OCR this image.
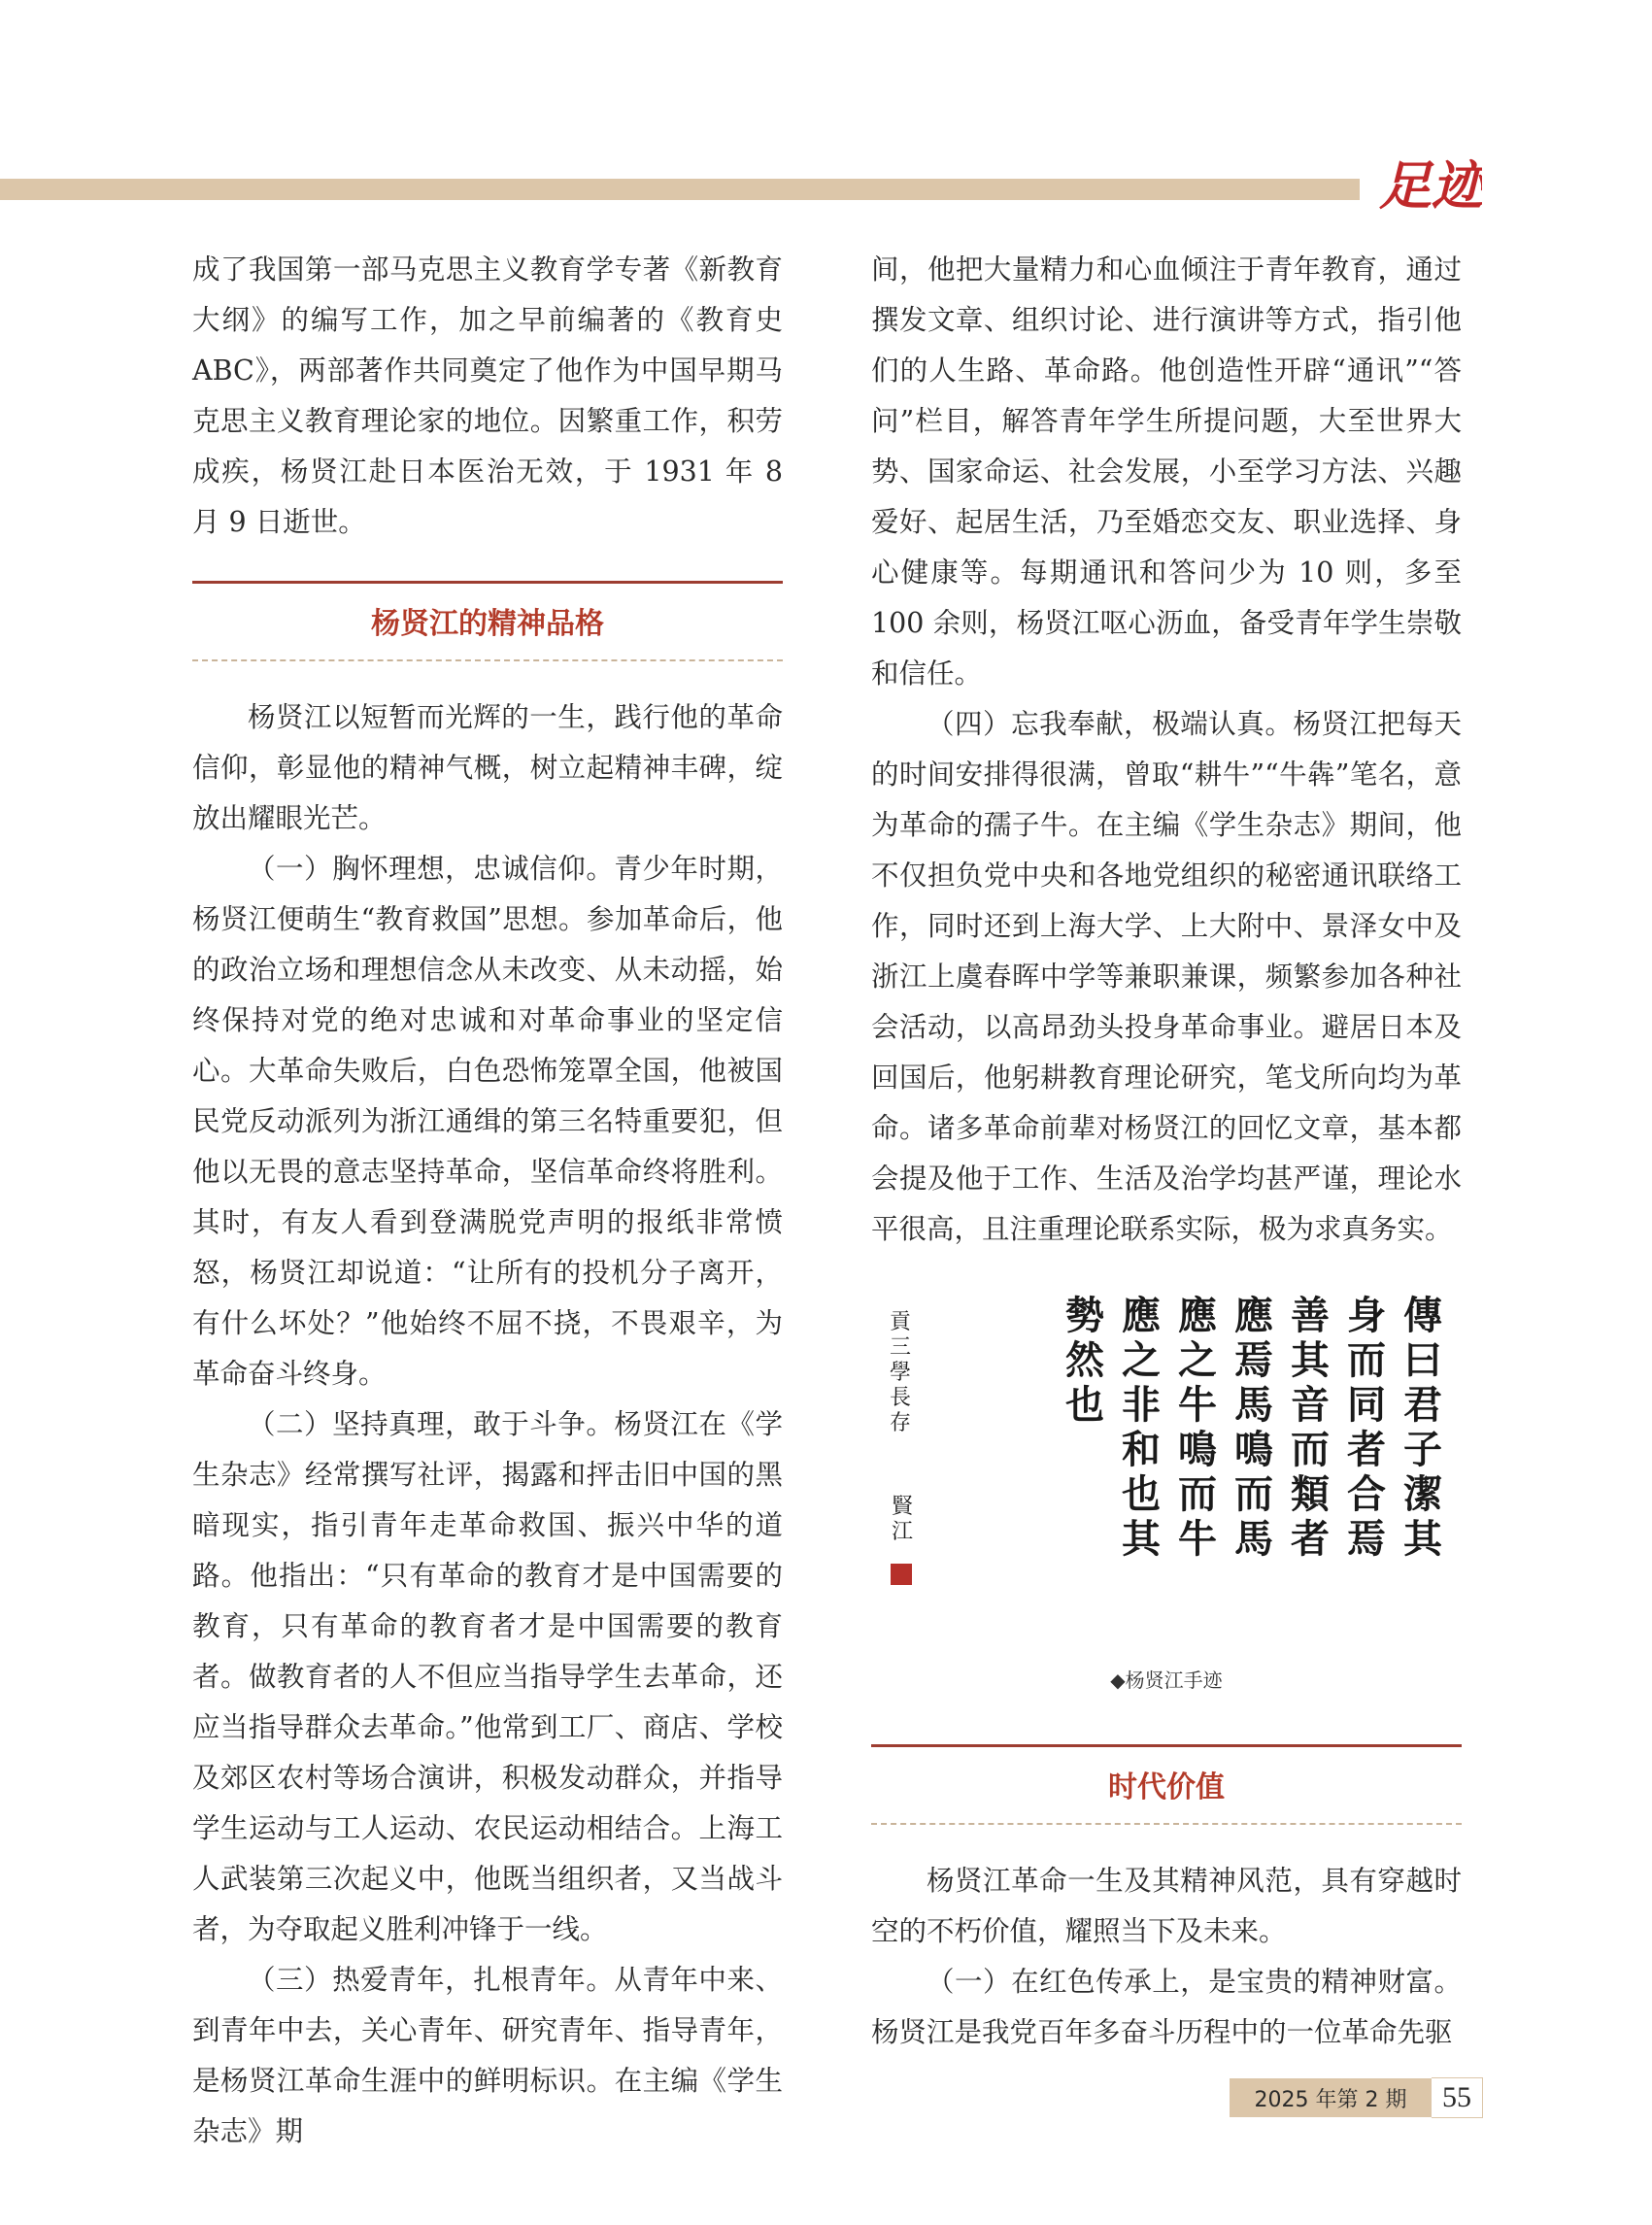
足迹

成了我国第一部马克思主义教育学专著《新教育大纲》的编写工作，加之早前编著的《教育史ABC》，两部著作共同奠定了他作为中国早期马克思主义教育理论家的地位。因繁重工作，积劳成疾，杨贤江赴日本医治无效，于 1931 年 8 月 9 日逝世。

杨贤江的精神品格

杨贤江以短暂而光辉的一生，践行他的革命信仰，彰显他的精神气概，树立起精神丰碑，绽放出耀眼光芒。

（一）胸怀理想，忠诚信仰。青少年时期，杨贤江便萌生“教育救国”思想。参加革命后，他的政治立场和理想信念从未改变、从未动摇，始终保持对党的绝对忠诚和对革命事业的坚定信心。大革命失败后，白色恐怖笼罩全国，他被国民党反动派列为浙江通缉的第三名特重要犯，但他以无畏的意志坚持革命，坚信革命终将胜利。其时，有友人看到登满脱党声明的报纸非常愤怒，杨贤江却说道：“让所有的投机分子离开，有什么坏处？”他始终不屈不挠，不畏艰辛，为革命奋斗终身。

（二）坚持真理，敢于斗争。杨贤江在《学生杂志》经常撰写社评，揭露和抨击旧中国的黑暗现实，指引青年走革命救国、振兴中华的道路。他指出：“只有革命的教育才是中国需要的教育，只有革命的教育者才是中国需要的教育者。做教育者的人不但应当指导学生去革命，还应当指导群众去革命。”他常到工厂、商店、学校及郊区农村等场合演讲，积极发动群众，并指导学生运动与工人运动、农民运动相结合。上海工人武装第三次起义中，他既当组织者，又当战斗者，为夺取起义胜利冲锋于一线。

（三）热爱青年，扎根青年。从青年中来、到青年中去，关心青年、研究青年、指导青年，是杨贤江革命生涯中的鲜明标识。在主编《学生杂志》期

间，他把大量精力和心血倾注于青年教育，通过撰发文章、组织讨论、进行演讲等方式，指引他们的人生路、革命路。他创造性开辟“通讯”“答问”栏目，解答青年学生所提问题，大至世界大势、国家命运、社会发展，小至学习方法、兴趣爱好、起居生活，乃至婚恋交友、职业选择、身心健康等。每期通讯和答问少为 10 则，多至 100 余则，杨贤江呕心沥血，备受青年学生崇敬和信任。

（四）忘我奉献，极端认真。杨贤江把每天的时间安排得很满，曾取“耕牛”“牛犇”笔名，意为革命的孺子牛。在主编《学生杂志》期间，他不仅担负党中央和各地党组织的秘密通讯联络工作，同时还到上海大学、上大附中、景泽女中及浙江上虞春晖中学等兼职兼课，频繁参加各种社会活动，以高昂劲头投身革命事业。避居日本及回国后，他躬耕教育理论研究，笔戈所向均为革命。诸多革命前辈对杨贤江的回忆文章，基本都会提及他于工作、生活及治学均甚严谨，理论水平很高，且注重理论联系实际，极为求真务实。

傳
曰
君
子
潔
其
身
而
同
者
合
焉
善
其
音
而
類
者
應
焉
馬
鳴
而
馬
應
之
牛
鳴
而
牛
應
之
非
和
也
其
勢
然
也
貢
三
學
長
存
賢
江
◆杨贤江手迹
时代价值

杨贤江革命一生及其精神风范，具有穿越时空的不朽价值，耀照当下及未来。

（一）在红色传承上，是宝贵的精神财富。杨贤江是我党百年多奋斗历程中的一位革命先驱

2025 年第 2 期	55
